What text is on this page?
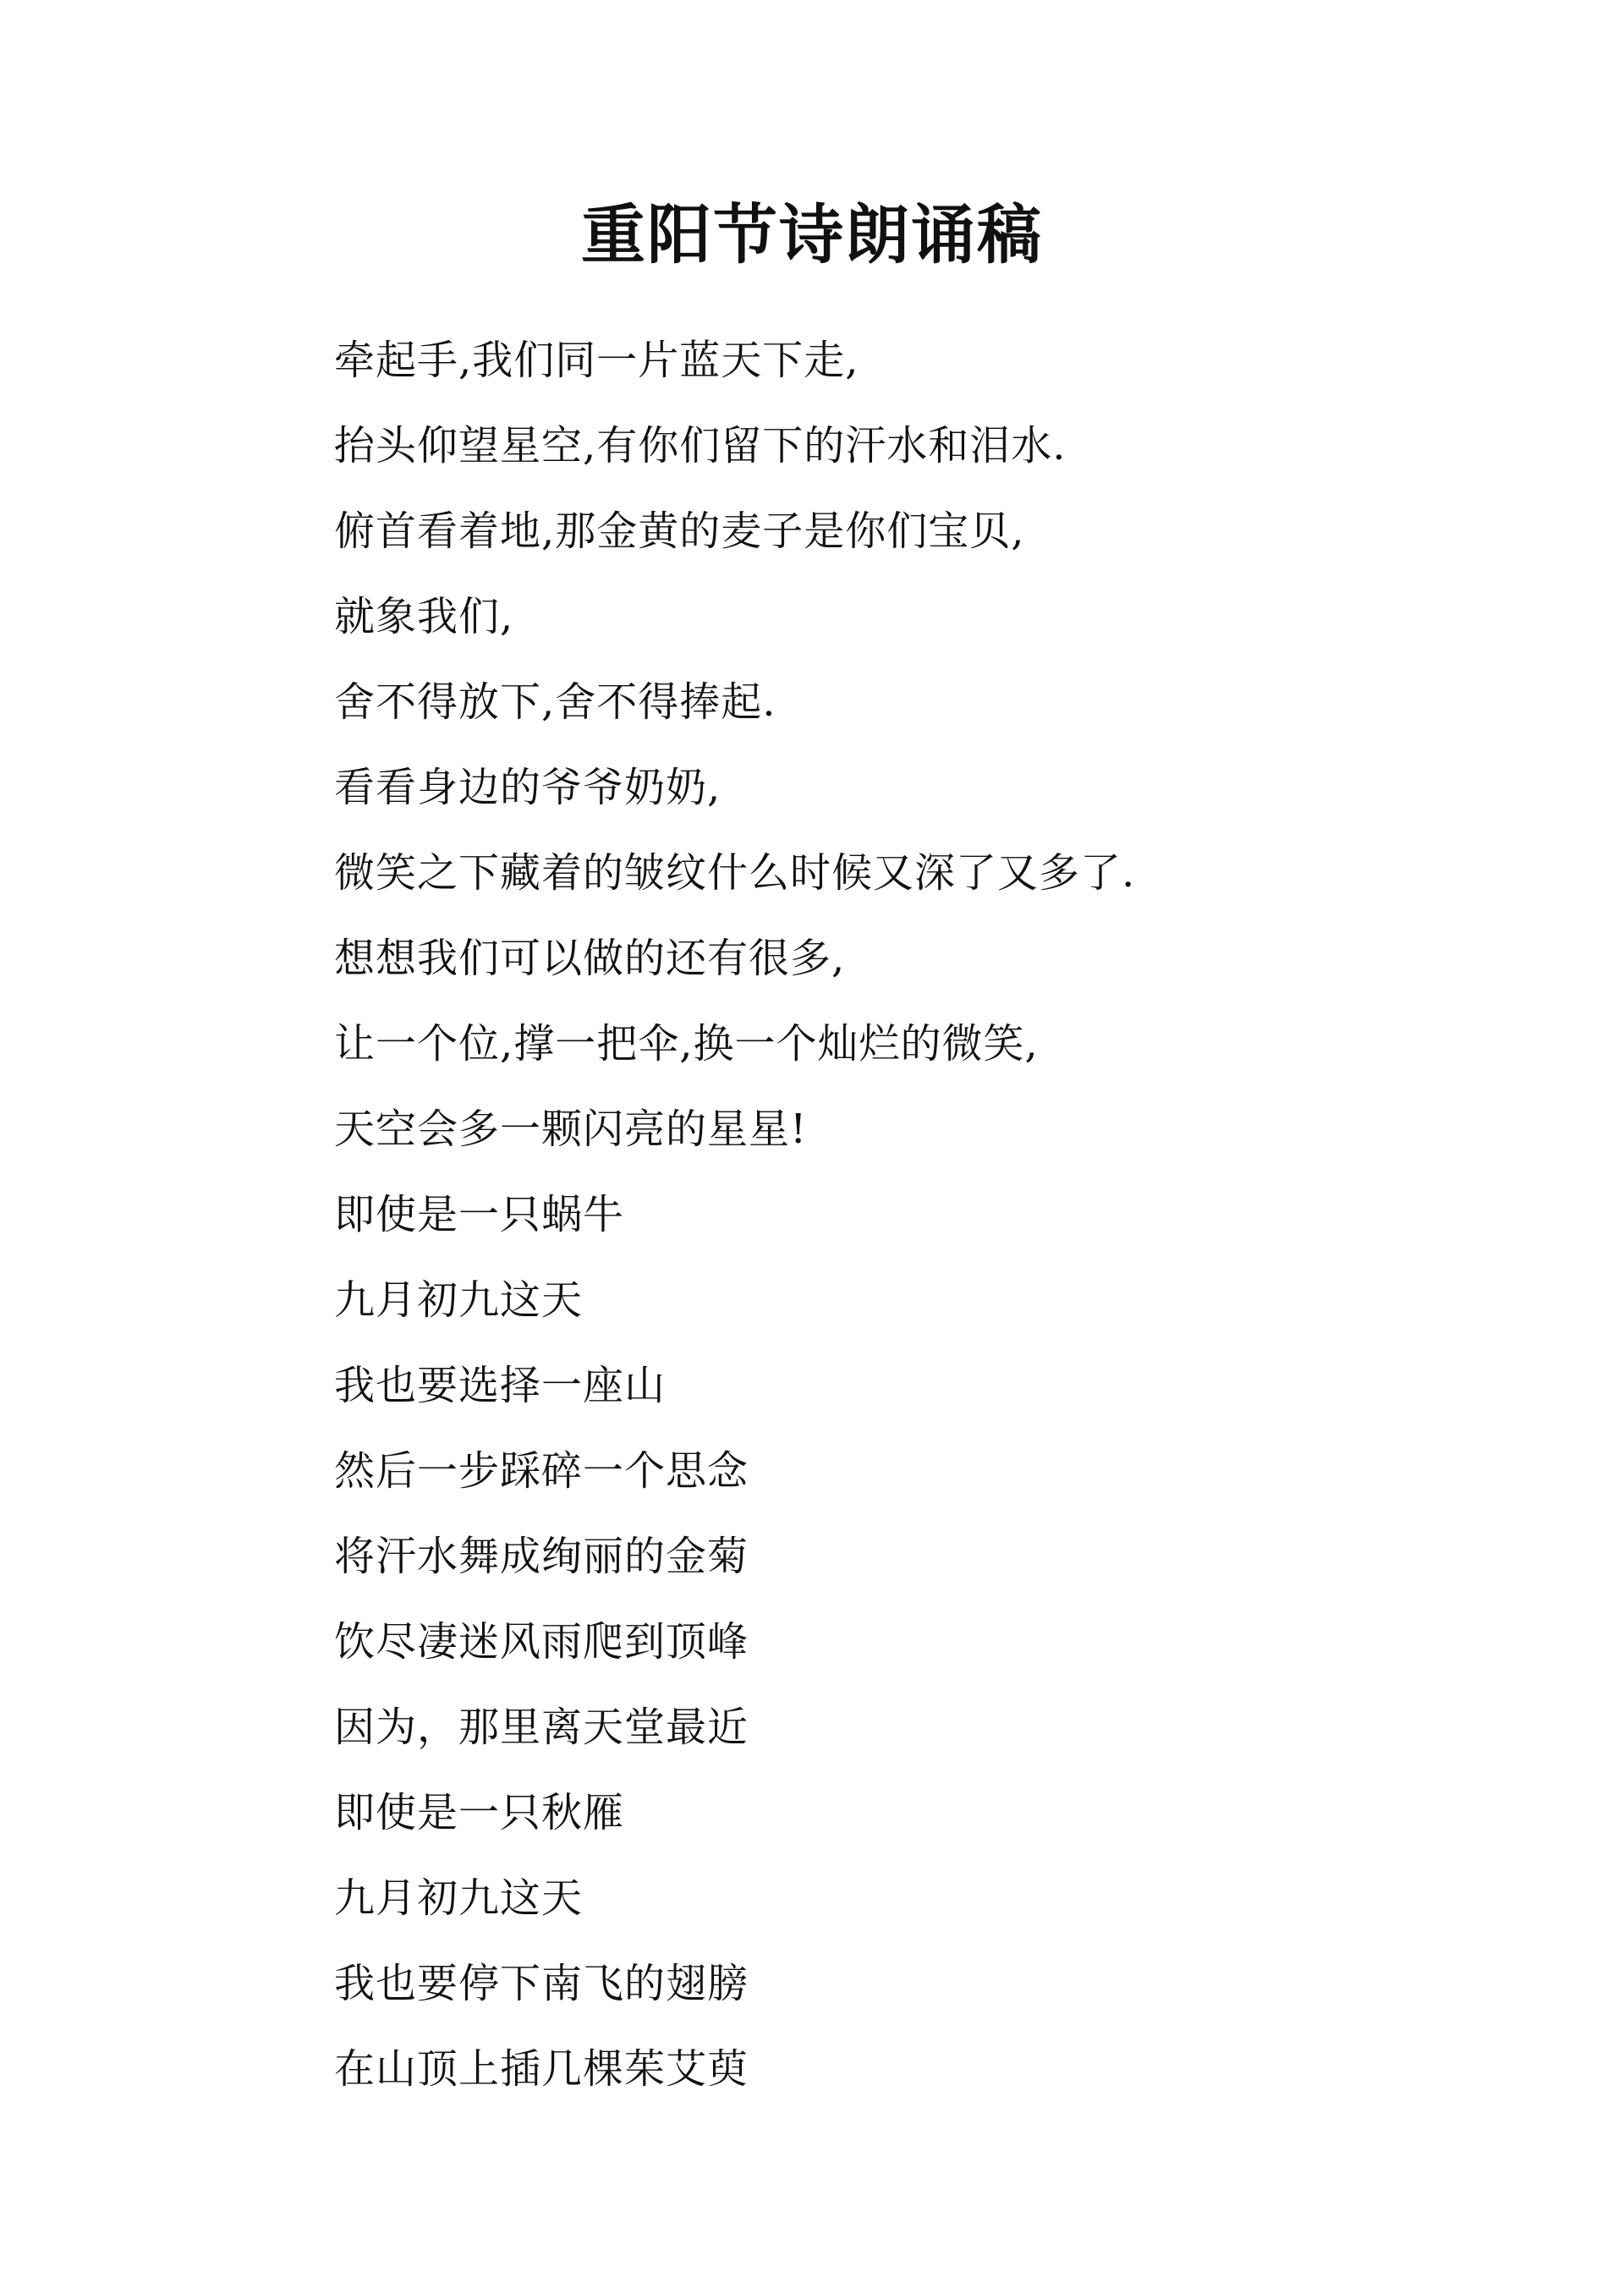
重阳节诗朗诵稿
牵起手,我们同一片蓝天下走,
抬头仰望星空,有你们留下的汗水和泪水.
俯首看着地,那金黄的麦子是你们宝贝,
就象我们,
舍不得放下,舍不得捧起.
看看身边的爷爷奶奶,
微笑之下藏着的皱纹什么时候又深了又多了.
想想我们可以做的还有很多,
让一个位,撑一把伞,换一个灿烂的微笑,
天空会多一颗闪亮的星星!
即使是一只蜗牛
九月初九这天
我也要选择一座山
然后一步踩碎一个思念
将汗水舞成绚丽的金菊
饮尽凄迷风雨爬到顶峰
因为，那里离天堂最近
即使是一只秋雁
九月初九这天
我也要停下南飞的翅膀
在山顶上插几棵茱艾萸
